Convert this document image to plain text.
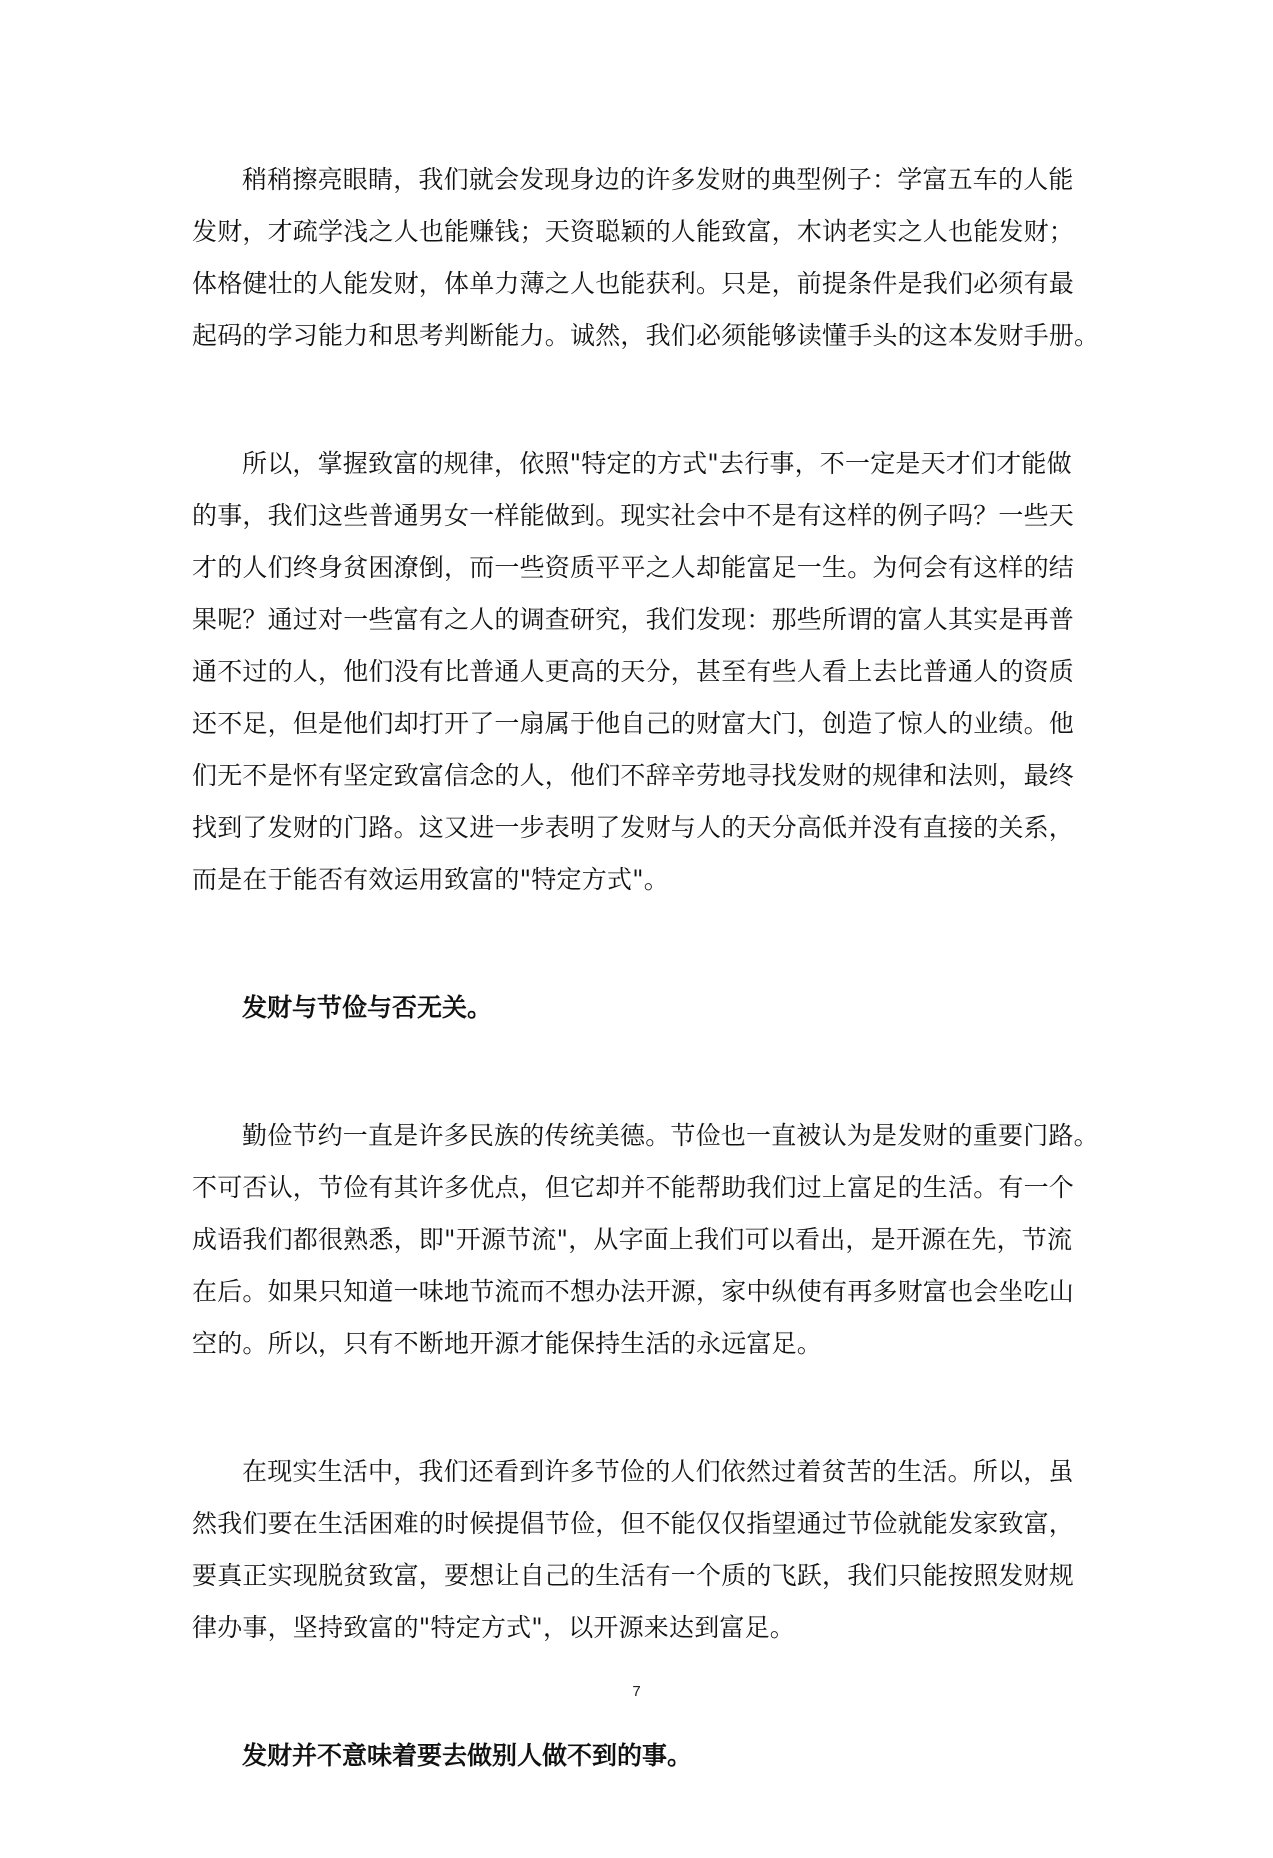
稍稍擦亮眼睛，我们就会发现身边的许多发财的典型例子：学富五车的人能
发财，才疏学浅之人也能赚钱；天资聪颖的人能致富，木讷老实之人也能发财；
体格健壮的人能发财，体单力薄之人也能获利。只是，前提条件是我们必须有最
起码的学习能力和思考判断能力。诚然，我们必须能够读懂手头的这本发财手册。

所以，掌握致富的规律，依照"特定的方式"去行事，不一定是天才们才能做
的事，我们这些普通男女一样能做到。现实社会中不是有这样的例子吗？一些天
才的人们终身贫困潦倒，而一些资质平平之人却能富足一生。为何会有这样的结
果呢？通过对一些富有之人的调查研究，我们发现：那些所谓的富人其实是再普
通不过的人，他们没有比普通人更高的天分，甚至有些人看上去比普通人的资质
还不足，但是他们却打开了一扇属于他自己的财富大门，创造了惊人的业绩。他
们无不是怀有坚定致富信念的人，他们不辞辛劳地寻找发财的规律和法则，最终
找到了发财的门路。这又进一步表明了发财与人的天分高低并没有直接的关系，
而是在于能否有效运用致富的"特定方式"。

发财与节俭与否无关。

勤俭节约一直是许多民族的传统美德。节俭也一直被认为是发财的重要门路。
不可否认，节俭有其许多优点，但它却并不能帮助我们过上富足的生活。有一个
成语我们都很熟悉，即"开源节流"，从字面上我们可以看出，是开源在先，节流
在后。如果只知道一味地节流而不想办法开源，家中纵使有再多财富也会坐吃山
空的。所以，只有不断地开源才能保持生活的永远富足。

在现实生活中，我们还看到许多节俭的人们依然过着贫苦的生活。所以，虽
然我们要在生活困难的时候提倡节俭，但不能仅仅指望通过节俭就能发家致富，
要真正实现脱贫致富，要想让自己的生活有一个质的飞跃，我们只能按照发财规
律办事，坚持致富的"特定方式"，以开源来达到富足。

发财并不意味着要去做别人做不到的事。

7
